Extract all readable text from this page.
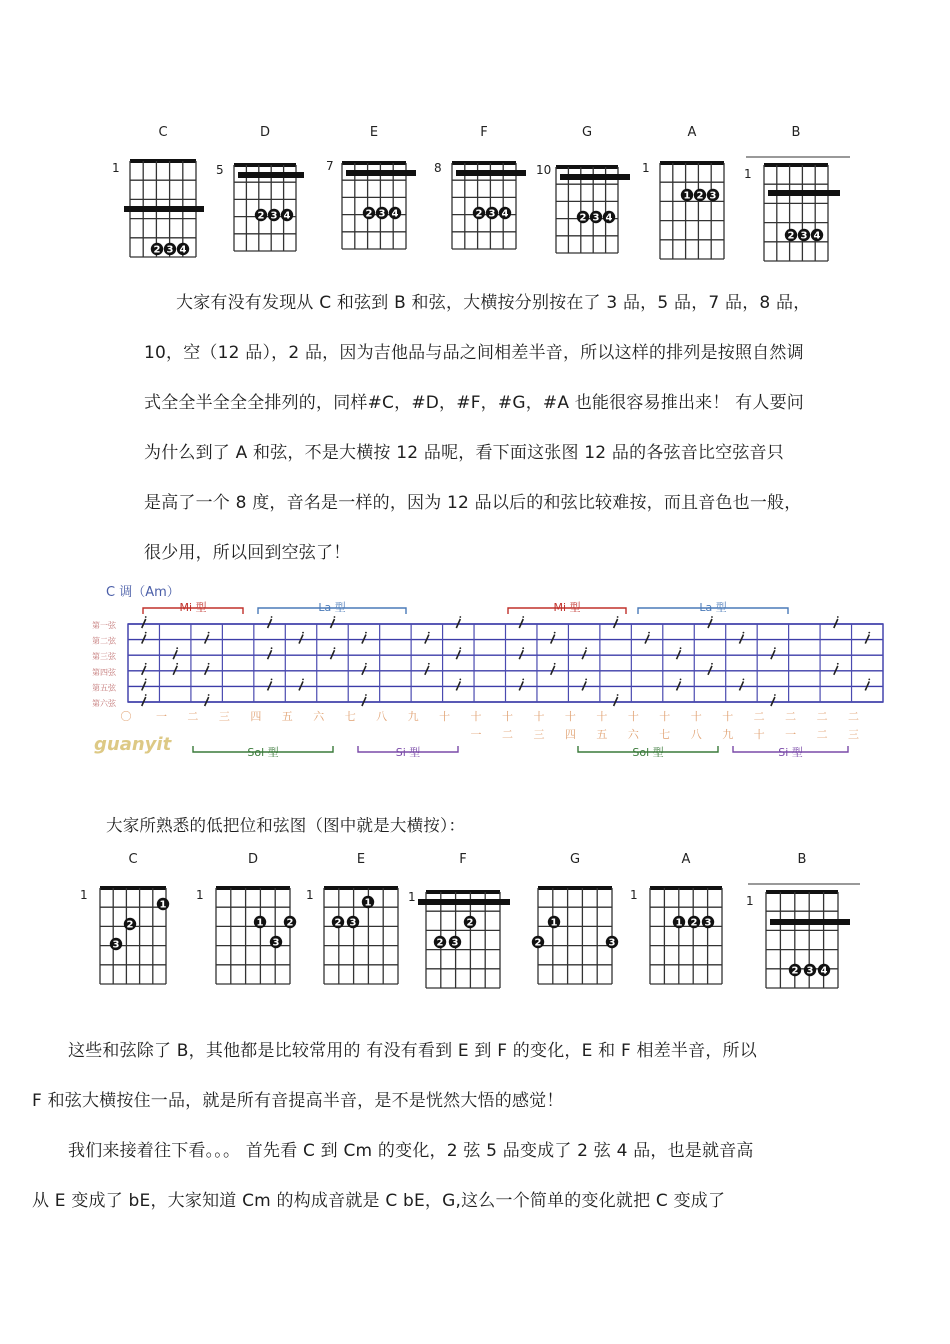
C
1
2 3 4
D
5
2 3 4
E
7
2 3 4
F
8
2 3 4
G
10
2 3 4
A
1
1 2 3
B
1
2 3 4
大家有没有发现从 C 和弦到 B 和弦，大横按分别按在了 3 品，5 品，7 品，8 品，
10，空（12 品），2 品，因为吉他品与品之间相差半音，所以这样的排列是按照自然调
式全全半全全全排列的，同样#C，#D，#F，#G，#A 也能很容易推出来！ 有人要问
为什么到了 A 和弦，不是大横按 12 品呢，看下面这张图 12 品的各弦音比空弦音只
是高了一个 8 度，音名是一样的，因为 12 品以后的和弦比较难按，而且音色也一般，
很少用，所以回到空弦了！
C 调（Am）
Mi 型	La 型	Mi 型	La 型
第一弦
第二弦
第三弦
第四弦
第五弦
第六弦
〇 一 二 三 四 五 六 七 八 九 十 十 十 十 十 十 十 十 十 十 二 二 二 二
一 二 三 四 五 六 七 八 九 十 一 二 三
Sol 型	Si 型	Sol 型	Si 型
guanyit
大家所熟悉的低把位和弦图（图中就是大横按）：
C
1
1
2
3
D
1
1 2
3
E
1
2 3
1
F
1
2
2 3
G
1
2	3
A
1
1 2 3
B
1
2 3 4
这些和弦除了 B，其他都是比较常用的 有没有看到 E 到 F 的变化，E 和 F 相差半音，所以
F 和弦大横按住一品，就是所有音提高半音，是不是恍然大悟的感觉！
我们来接着往下看。。。 首先看 C 到 Cm 的变化，2 弦 5 品变成了 2 弦 4 品，也是就音高
从 E 变成了 bE，大家知道 Cm 的构成音就是 C bE，G,这么一个简单的变化就把 C 变成了
